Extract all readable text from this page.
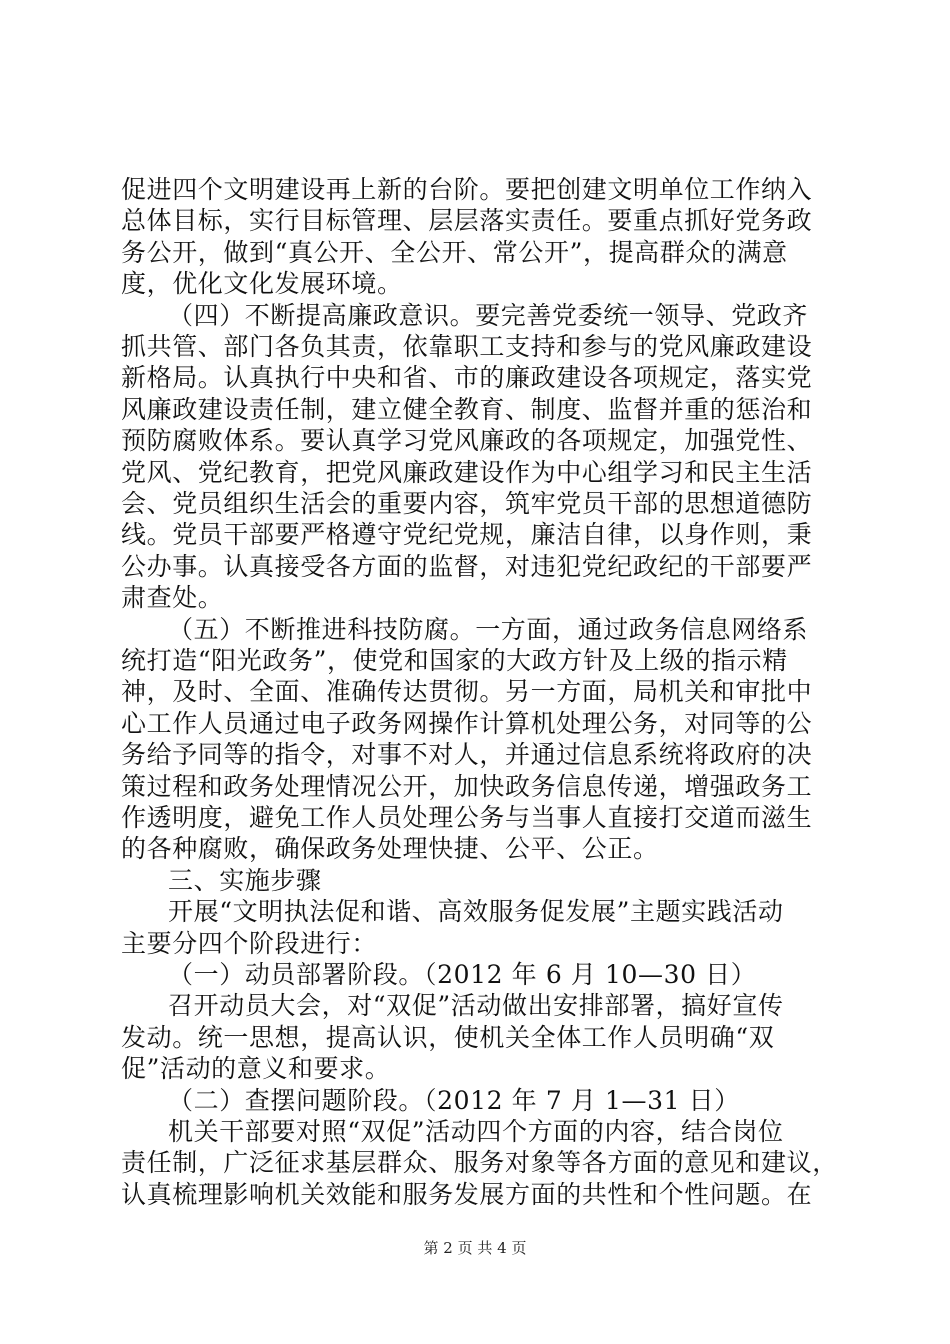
促进四个文明建设再上新的台阶。要把创建文明单位工作纳入
总体目标，实行目标管理、层层落实责任。要重点抓好党务政
务公开，做到“真公开、全公开、常公开”，提高群众的满意
度，优化文化发展环境。
（四）不断提高廉政意识。要完善党委统一领导、党政齐
抓共管、部门各负其责，依靠职工支持和参与的党风廉政建设
新格局。认真执行中央和省、市的廉政建设各项规定，落实党
风廉政建设责任制，建立健全教育、制度、监督并重的惩治和
预防腐败体系。要认真学习党风廉政的各项规定，加强党性、
党风、党纪教育，把党风廉政建设作为中心组学习和民主生活
会、党员组织生活会的重要内容，筑牢党员干部的思想道德防
线。党员干部要严格遵守党纪党规，廉洁自律，以身作则，秉
公办事。认真接受各方面的监督，对违犯党纪政纪的干部要严
肃查处。
（五）不断推进科技防腐。一方面，通过政务信息网络系
统打造“阳光政务”，使党和国家的大政方针及上级的指示精
神，及时、全面、准确传达贯彻。另一方面，局机关和审批中
心工作人员通过电子政务网操作计算机处理公务，对同等的公
务给予同等的指令，对事不对人，并通过信息系统将政府的决
策过程和政务处理情况公开，加快政务信息传递，增强政务工
作透明度，避免工作人员处理公务与当事人直接打交道而滋生
的各种腐败，确保政务处理快捷、公平、公正。
三、实施步骤
开展“文明执法促和谐、高效服务促发展”主题实践活动
主要分四个阶段进行：
（一）动员部署阶段。（2012 年 6 月 10—30 日）
召开动员大会，对“双促”活动做出安排部署，搞好宣传
发动。统一思想，提高认识，使机关全体工作人员明确“双
促”活动的意义和要求。
（二）查摆问题阶段。（2012 年 7 月 1—31 日）
机关干部要对照“双促”活动四个方面的内容，结合岗位
责任制，广泛征求基层群众、服务对象等各方面的意见和建议，
认真梳理影响机关效能和服务发展方面的共性和个性问题。在
第 2 页 共 4 页
